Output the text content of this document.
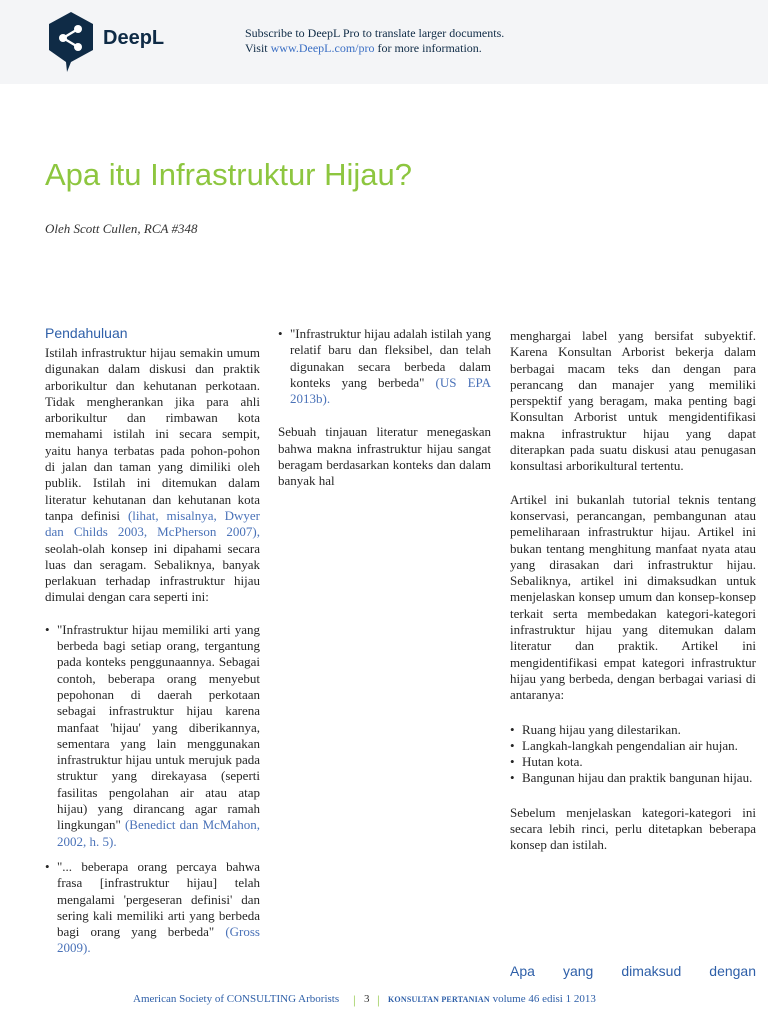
DeepL	Subscribe to DeepL Pro to translate larger documents.
Visit www.DeepL.com/pro for more information.
Apa itu Infrastruktur Hijau?
Oleh Scott Cullen, RCA #348
Pendahuluan

Istilah infrastruktur hijau semakin umum digunakan dalam diskusi dan praktik arborikultur dan kehutanan perkotaan. Tidak mengherankan jika para ahli arborikultur dan rimbawan kota memahami istilah ini secara sempit, yaitu hanya terbatas pada pohon-pohon di jalan dan taman yang dimiliki oleh publik. Istilah ini ditemukan dalam literatur kehutanan dan kehutanan kota tanpa definisi (lihat, misalnya, Dwyer dan Childs 2003, McPherson 2007), seolah-olah konsep ini dipahami secara luas dan seragam. Sebaliknya, banyak perlakuan terhadap infrastruktur hijau dimulai dengan cara seperti ini:

• "Infrastruktur hijau memiliki arti yang berbeda bagi setiap orang, tergantung pada konteks penggunaannya. Sebagai contoh, beberapa orang menyebut pepohonan di daerah perkotaan sebagai infrastruktur hijau karena manfaat 'hijau' yang diberikannya, sementara yang lain menggunakan infrastruktur hijau untuk merujuk pada struktur yang direkayasa (seperti fasilitas pengolahan air atau atap hijau) yang dirancang agar ramah lingkungan" (Benedict dan McMahon, 2002, h. 5).
• "... beberapa orang percaya bahwa frasa [infrastruktur hijau] telah mengalami 'pergeseran definisi' dan sering kali memiliki arti yang berbeda bagi orang yang berbeda" (Gross 2009).
• "Infrastruktur hijau adalah istilah yang relatif baru dan fleksibel, dan telah digunakan secara berbeda dalam konteks yang berbeda" (US EPA 2013b).

Sebuah tinjauan literatur menegaskan bahwa makna infrastruktur hijau sangat beragam berdasarkan konteks dan dalam banyak hal

menghargai label yang bersifat subyektif. Karena Konsultan Arborist bekerja dalam berbagai macam teks dan dengan para perancang dan manajer yang memiliki perspektif yang beragam, maka penting bagi Konsultan Arborist untuk mengidentifikasi makna infrastruktur hijau yang dapat diterapkan pada suatu diskusi atau penugasan konsultasi arborikultural tertentu.

Artikel ini bukanlah tutorial teknis tentang konservasi, perancangan, pembangunan atau pemeliharaan infrastruktur hijau. Artikel ini bukan tentang menghitung manfaat nyata atau yang dirasakan dari infrastruktur hijau. Sebaliknya, artikel ini dimaksudkan untuk menjelaskan konsep umum dan konsep-konsep terkait serta membedakan kategori-kategori infrastruktur hijau yang ditemukan dalam literatur dan praktik. Artikel ini mengidentifikasi empat kategori infrastruktur hijau yang berbeda, dengan berbagai variasi di antaranya:

• Ruang hijau yang dilestarikan.
• Langkah-langkah pengendalian air hujan.
• Hutan kota.
• Bangunan hijau dan praktik bangunan hijau.

Sebelum menjelaskan kategori-kategori ini secara lebih rinci, perlu ditetapkan beberapa konsep dan istilah.

Apa yang dimaksud dengan
American Society of CONSULTING Arborists | 3 | KONSULTAN PERTANIAN volume 46 edisi 1 2013
